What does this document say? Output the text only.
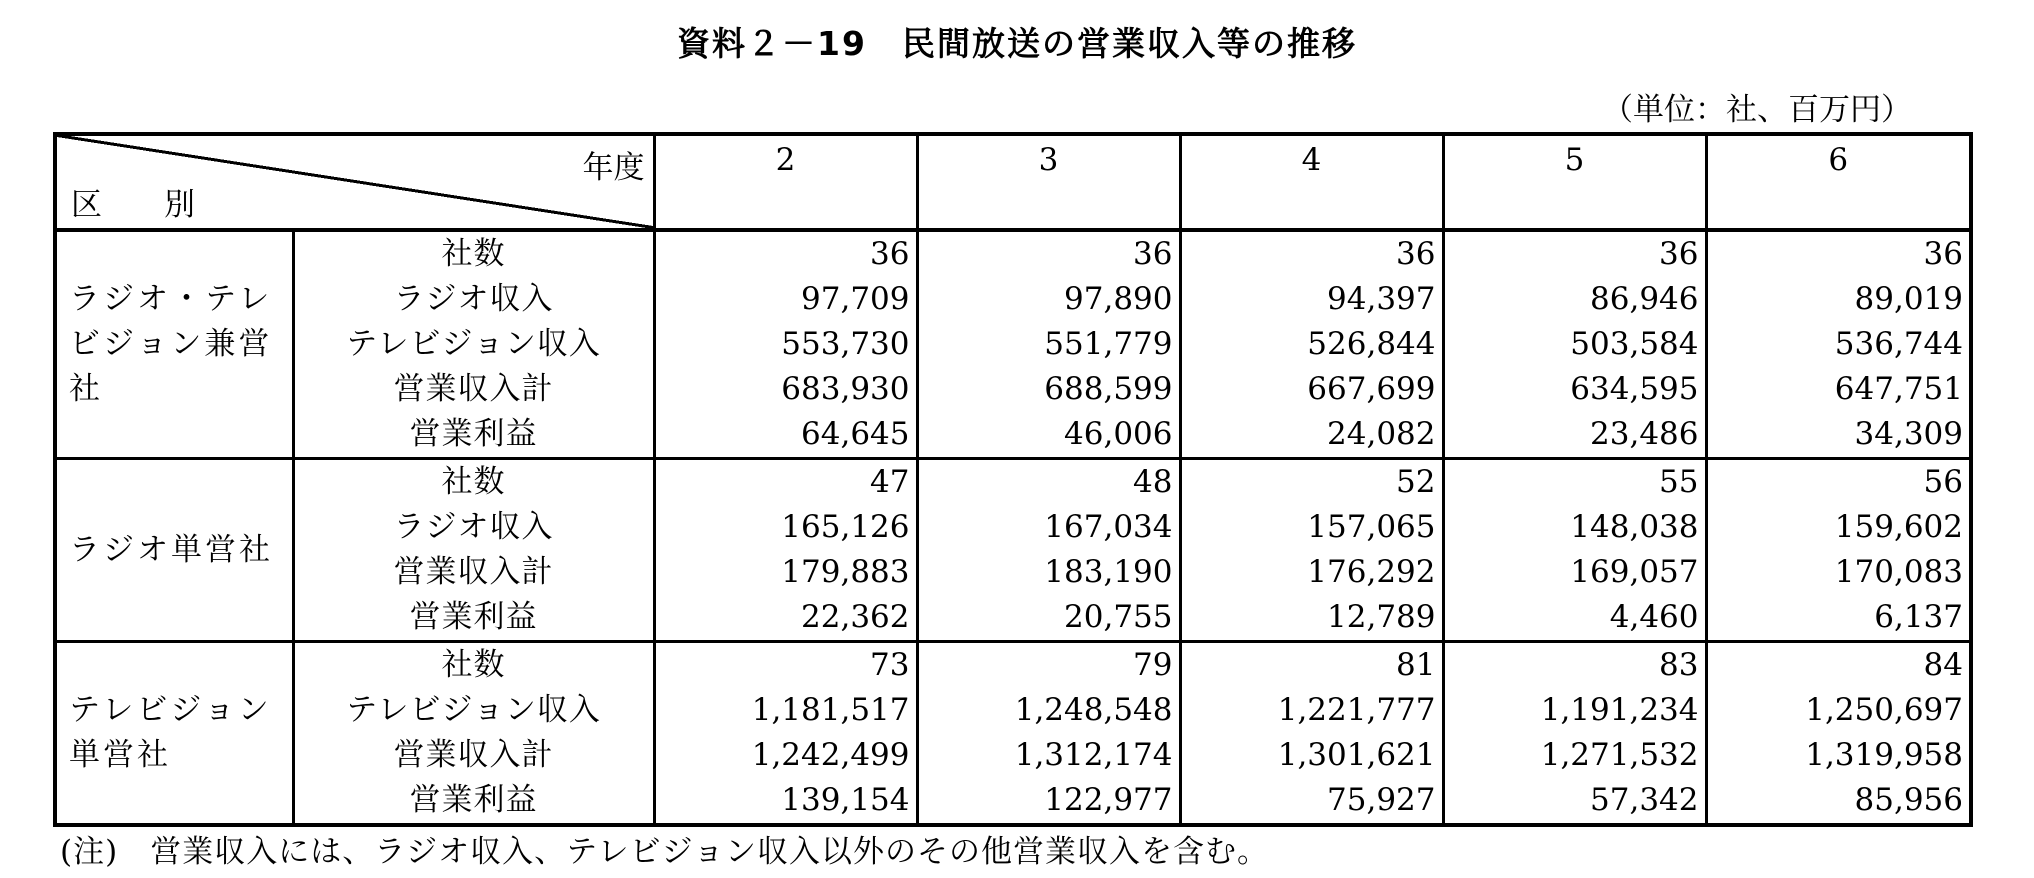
資料２－19　民間放送の営業収入等の推移
（単位：社、百万円）
年度
区　　別		2	3	4	5	6
ラジオ・テレビジョン兼営社	社数	36	36	36	36	36
	ラジオ収入	97,709	97,890	94,397	86,946	89,019
	テレビジョン収入	553,730	551,779	526,844	503,584	536,744
	営業収入計	683,930	688,599	667,699	634,595	647,751
	営業利益	64,645	46,006	24,082	23,486	34,309
ラジオ単営社	社数	47	48	52	55	56
	ラジオ収入	165,126	167,034	157,065	148,038	159,602
	営業収入計	179,883	183,190	176,292	169,057	170,083
	営業利益	22,362	20,755	12,789	4,460	6,137
テレビジョン単営社	社数	73	79	81	83	84
	テレビジョン収入	1,181,517	1,248,548	1,221,777	1,191,234	1,250,697
	営業収入計	1,242,499	1,312,174	1,301,621	1,271,532	1,319,958
	営業利益	139,154	122,977	75,927	57,342	85,956
(注)　営業収入には、ラジオ収入、テレビジョン収入以外のその他営業収入を含む。
